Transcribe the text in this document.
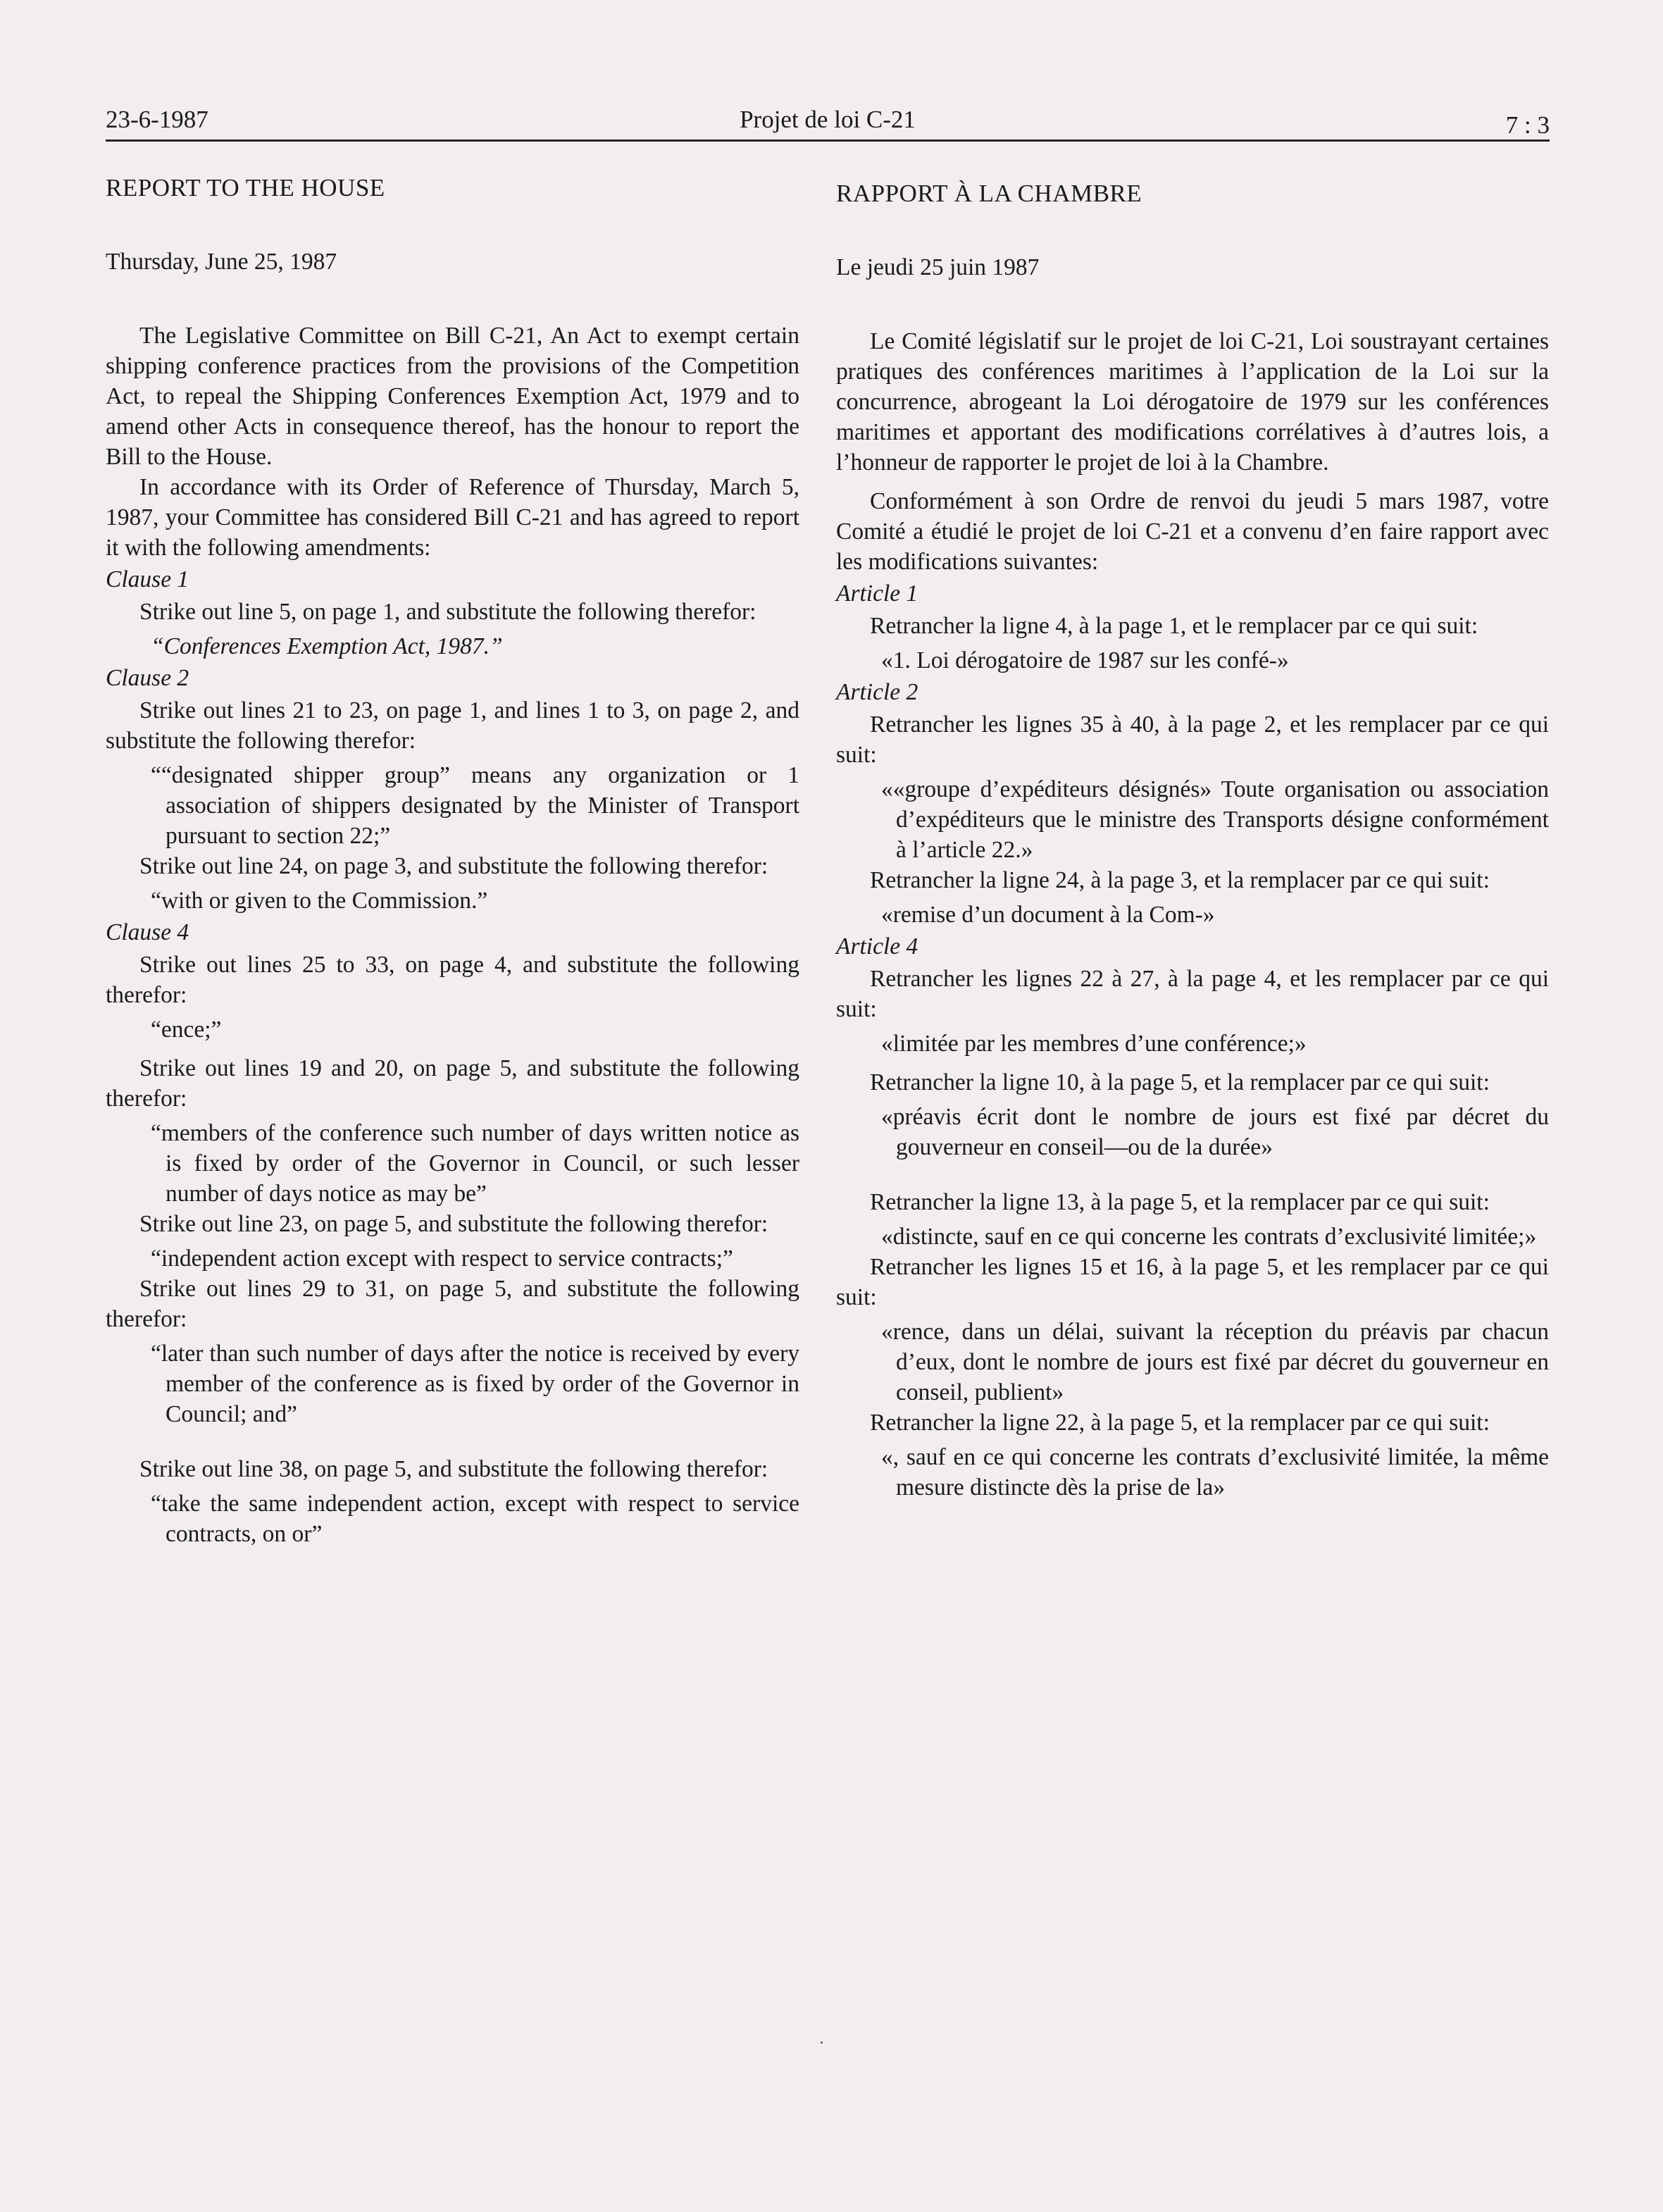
23-6-1987	Projet de loi C-21	7 : 3

REPORT TO THE HOUSE

Thursday, June 25, 1987

The Legislative Committee on Bill C-21, An Act to exempt certain shipping conference practices from the provisions of the Competition Act, to repeal the Shipping Conferences Exemption Act, 1979 and to amend other Acts in consequence thereof, has the honour to report the Bill to the House.

In accordance with its Order of Reference of Thursday, March 5, 1987, your Committee has considered Bill C-21 and has agreed to report it with the following amendments:

Clause 1

Strike out line 5, on page 1, and substitute the following therefor:

“Conferences Exemption Act, 1987.”

Clause 2

Strike out lines 21 to 23, on page 1, and lines 1 to 3, on page 2, and substitute the following therefor:

““designated shipper group” means any organization or 1 association of shippers designated by the Minister of Transport pursuant to section 22;”

Strike out line 24, on page 3, and substitute the following therefor:

“with or given to the Commission.”

Clause 4

Strike out lines 25 to 33, on page 4, and substitute the following therefor:

“ence;”

Strike out lines 19 and 20, on page 5, and substitute the following therefor:

“members of the conference such number of days written notice as is fixed by order of the Governor in Council, or such lesser number of days notice as may be”

Strike out line 23, on page 5, and substitute the following therefor:

“independent action except with respect to service contracts;”

Strike out lines 29 to 31, on page 5, and substitute the following therefor:

“later than such number of days after the notice is received by every member of the conference as is fixed by order of the Governor in Council; and”

Strike out line 38, on page 5, and substitute the following therefor:

“take the same independent action, except with respect to service contracts, on or”

RAPPORT À LA CHAMBRE

Le jeudi 25 juin 1987

Le Comité législatif sur le projet de loi C-21, Loi soustrayant certaines pratiques des conférences maritimes à l’application de la Loi sur la concurrence, abrogeant la Loi dérogatoire de 1979 sur les conférences maritimes et apportant des modifications corrélatives à d’autres lois, a l’honneur de rapporter le projet de loi à la Chambre.

Conformément à son Ordre de renvoi du jeudi 5 mars 1987, votre Comité a étudié le projet de loi C-21 et a convenu d’en faire rapport avec les modifications suivantes:

Article 1

Retrancher la ligne 4, à la page 1, et le remplacer par ce qui suit:

«1. Loi dérogatoire de 1987 sur les confé-»

Article 2

Retrancher les lignes 35 à 40, à la page 2, et les remplacer par ce qui suit:

««groupe d’expéditeurs désignés» Toute organisation ou association d’expéditeurs que le ministre des Transports désigne conformément à l’article 22.»

Retrancher la ligne 24, à la page 3, et la remplacer par ce qui suit:

«remise d’un document à la Com-»

Article 4

Retrancher les lignes 22 à 27, à la page 4, et les remplacer par ce qui suit:

«limitée par les membres d’une conférence;»

Retrancher la ligne 10, à la page 5, et la remplacer par ce qui suit:

«préavis écrit dont le nombre de jours est fixé par décret du gouverneur en conseil—ou de la durée»

Retrancher la ligne 13, à la page 5, et la remplacer par ce qui suit:

«distincte, sauf en ce qui concerne les contrats d’exclusivité limitée;»

Retrancher les lignes 15 et 16, à la page 5, et les remplacer par ce qui suit:

«rence, dans un délai, suivant la réception du préavis par chacun d’eux, dont le nombre de jours est fixé par décret du gouverneur en conseil, publient»

Retrancher la ligne 22, à la page 5, et la remplacer par ce qui suit:

«, sauf en ce qui concerne les contrats d’exclusivité limitée, la même mesure distincte dès la prise de la»
